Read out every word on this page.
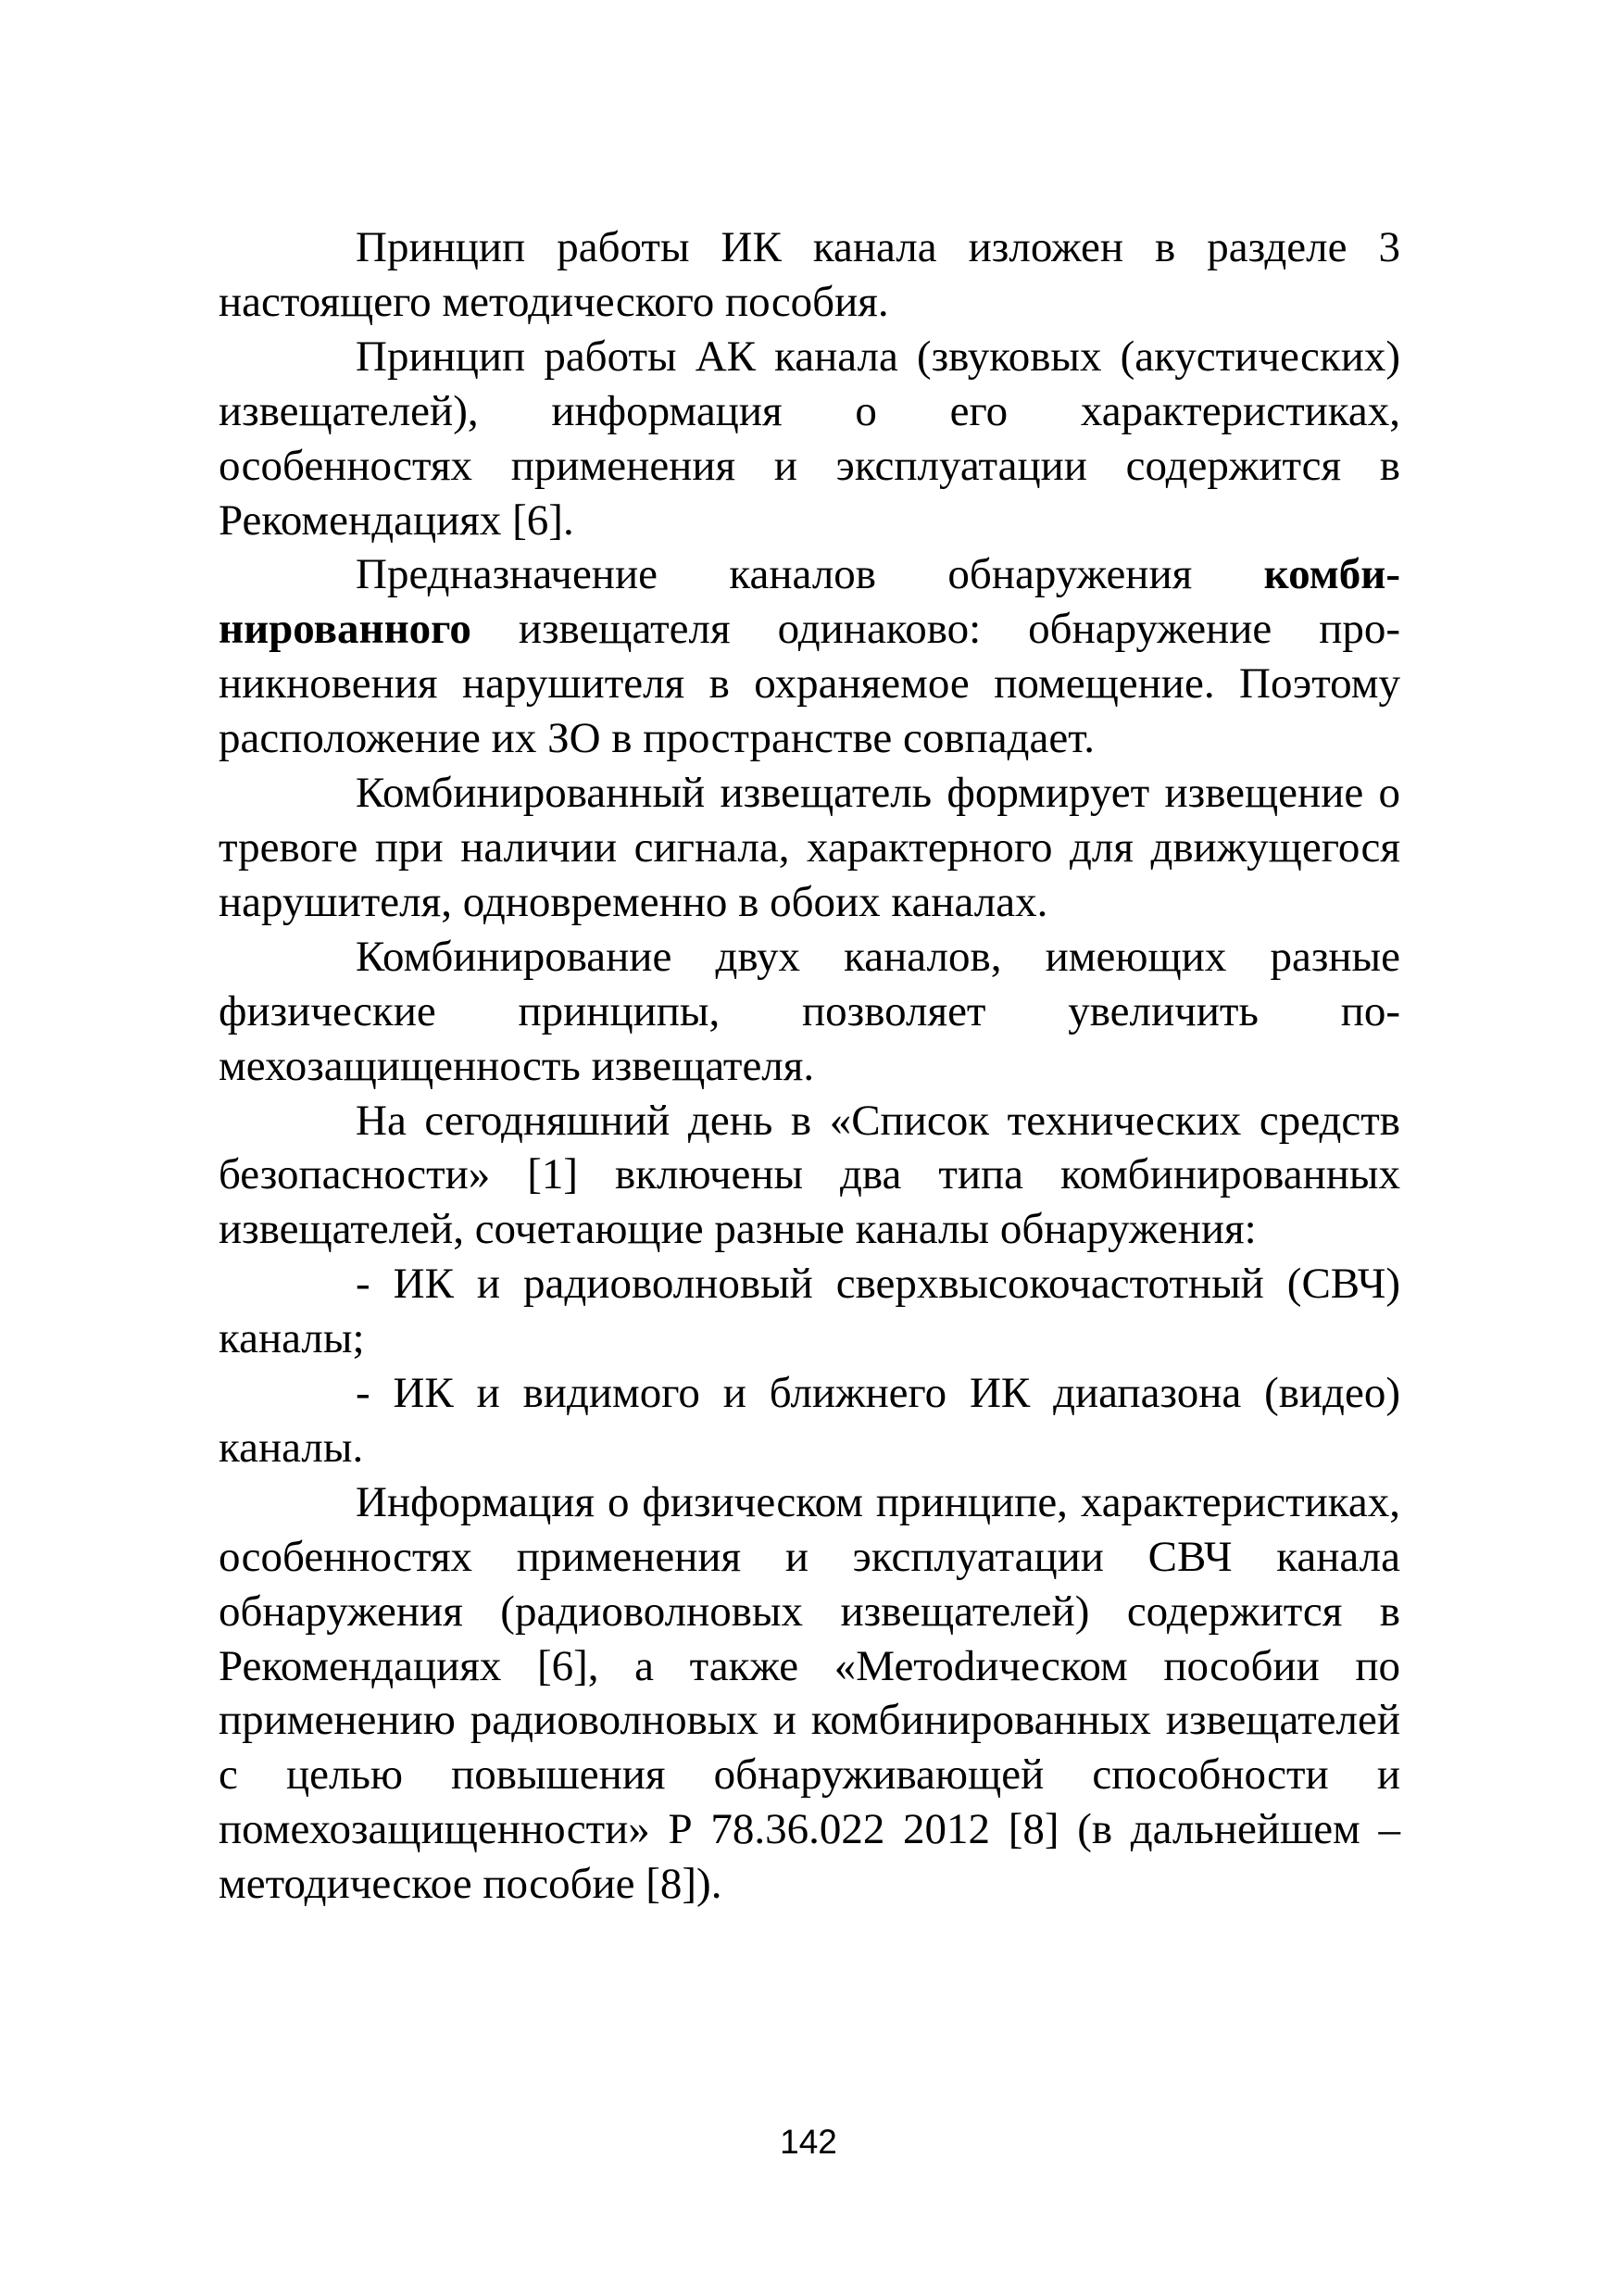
Принцип работы ИК канала изложен в разделе 3 настоящего методического пособия.

Принцип работы АК канала (звуковых (акустических) извещателей), информация о его характеристиках, особенностях применения и эксплуатации содержится в Рекомендациях [6].

Предназначение каналов обнаружения комбинированного извещателя одинаково: обнаружение проникновения нарушителя в охраняемое помещение. Поэтому расположение их ЗО в пространстве совпадает.

Комбинированный извещатель формирует извещение о тревоге при наличии сигнала, характерного для движущегося нарушителя, одновременно в обоих каналах.

Комбинирование двух каналов, имеющих разные физические принципы, позволяет увеличить помехозащищенность извещателя.

На сегодняшний день в «Список технических средств безопасности» [1] включены два типа комбинированных извещателей, сочетающие разные каналы обнаружения:

- ИК и радиоволновый сверхвысокочастотный (СВЧ) каналы;

- ИК и видимого и ближнего ИК диапазона (видео) каналы.

Информация о физическом принципе, характеристиках, особенностях применения и эксплуатации СВЧ канала обнаружения (радиоволновых извещателей) содержится в Рекомендациях [6], а также «Метоdическом пособии по применению радиоволновых и комбинированных извещателей с целью повышения обнаруживающей способности и помехозащищенности» Р 78.36.022 2012 [8] (в дальнейшем – методическое пособие [8]).

142
